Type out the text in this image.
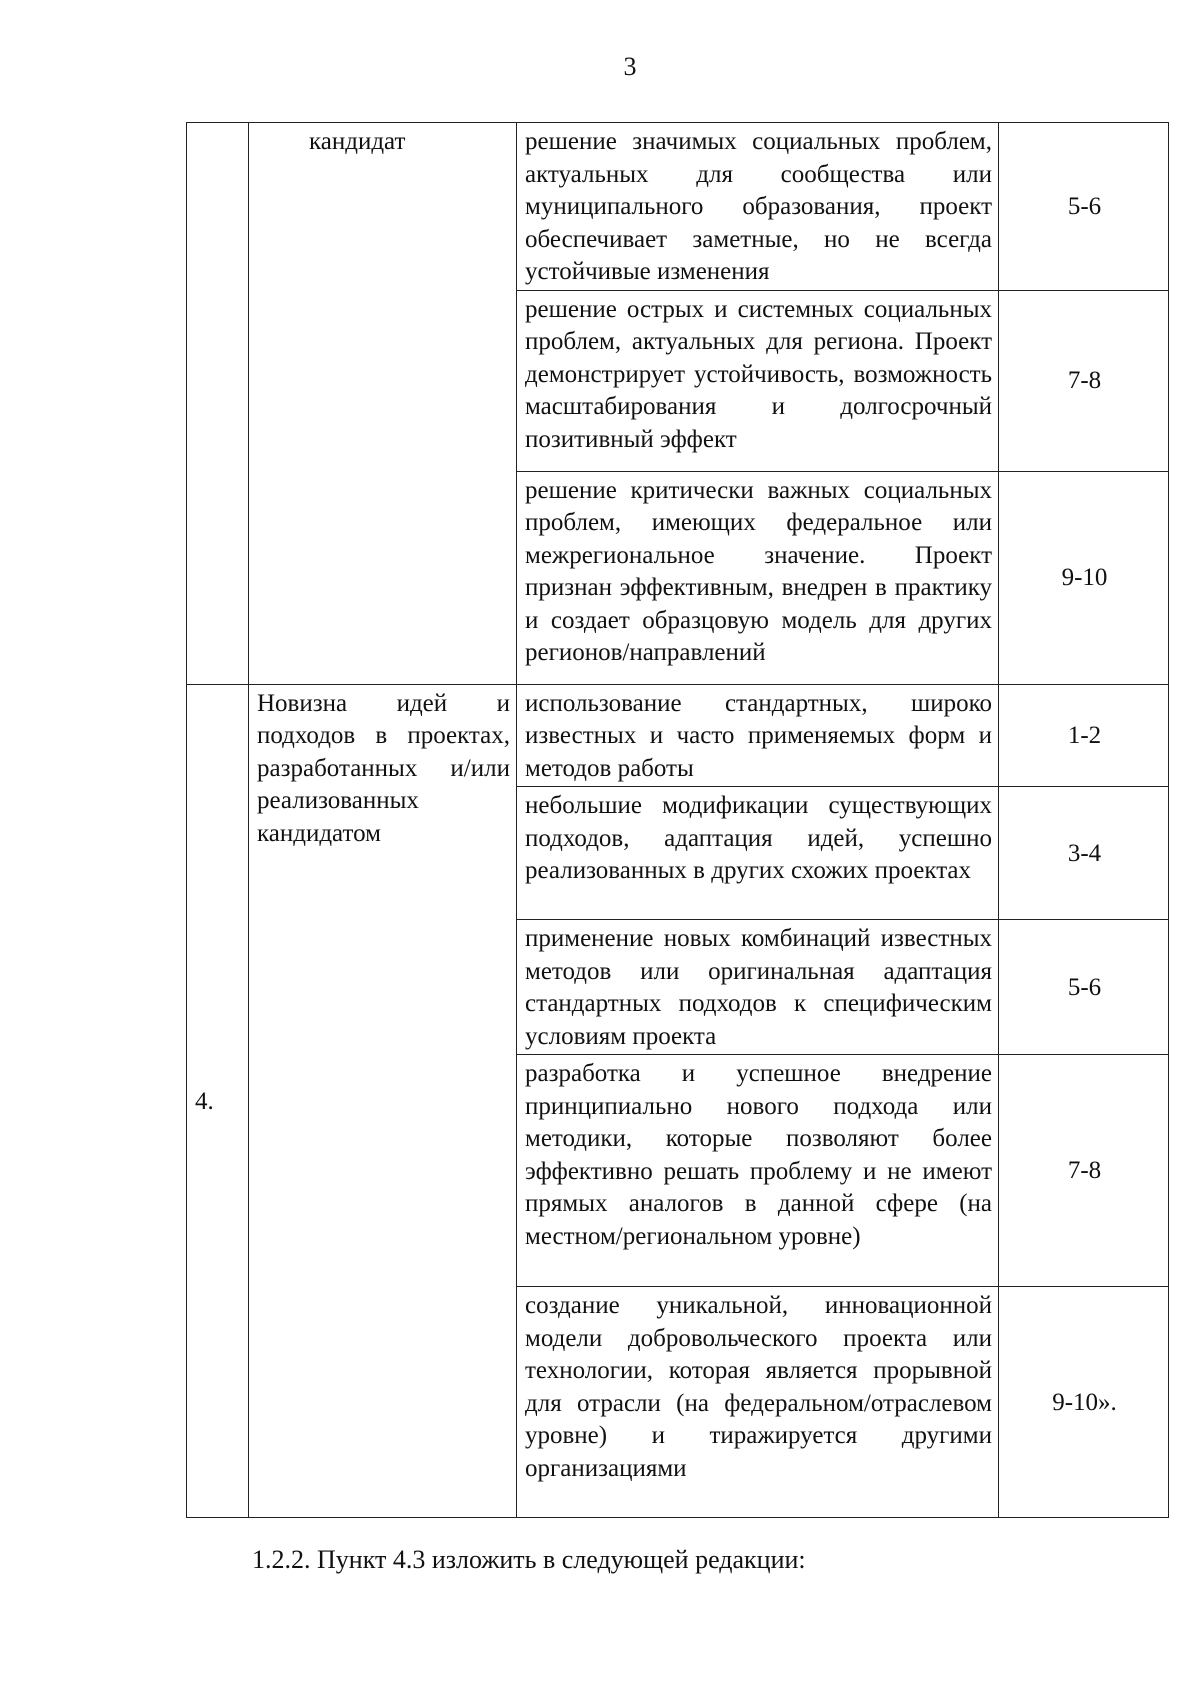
3
	кандидат	решение значимых социальных проблем, актуальных для сообщества или муниципального образования, проект обеспечивает заметные, но не всегда устойчивые изменения	5-6
		решение острых и системных социальных проблем, актуальных для региона. Проект демонстрирует устойчивость, возможность масштабирования и долгосрочный позитивный эффект	7-8
		решение критически важных социальных проблем, имеющих федеральное или межрегиональное значение. Проект признан эффективным, внедрен в практику и создает образцовую модель для других регионов/направлений	9-10
4.	Новизна идей и подходов в проектах, разработанных и/или реализованных кандидатом	использование стандартных, широко известных и часто применяемых форм и методов работы	1-2
		небольшие модификации существующих подходов, адаптация идей, успешно реализованных в других схожих проектах	3-4
		применение новых комбинаций известных методов или оригинальная адаптация стандартных подходов к специфическим условиям проекта	5-6
		разработка и успешное внедрение принципиально нового подхода или методики, которые позволяют более эффективно решать проблему и не имеют прямых аналогов в данной сфере (на местном/региональном уровне)	7-8
		создание уникальной, инновационной модели добровольческого проекта или технологии, которая является прорывной для отрасли (на федеральном/отраслевом уровне) и тиражируется другими организациями	9-10».
1.2.2. Пункт 4.3 изложить в следующей редакции:
